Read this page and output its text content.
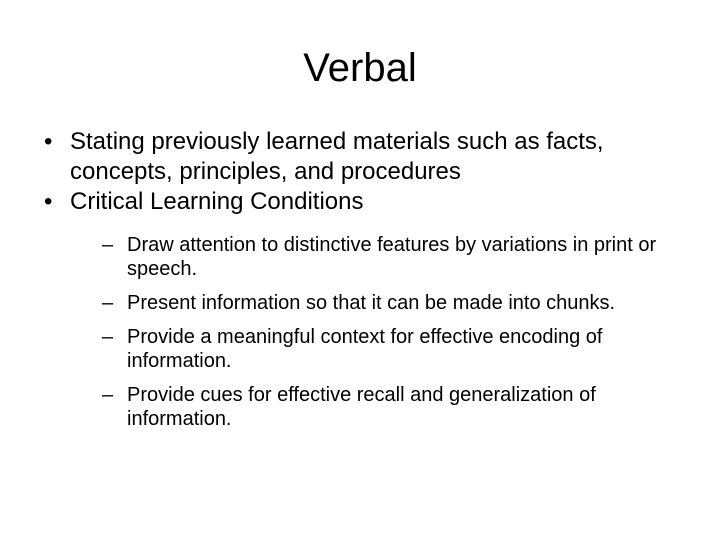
Verbal
• Stating previously learned materials such as facts, concepts, principles, and procedures
• Critical Learning Conditions
– Draw attention to distinctive features by variations in print or speech.
– Present information so that it can be made into chunks.
– Provide a meaningful context for effective encoding of information.
– Provide cues for effective recall and generalization of information.
